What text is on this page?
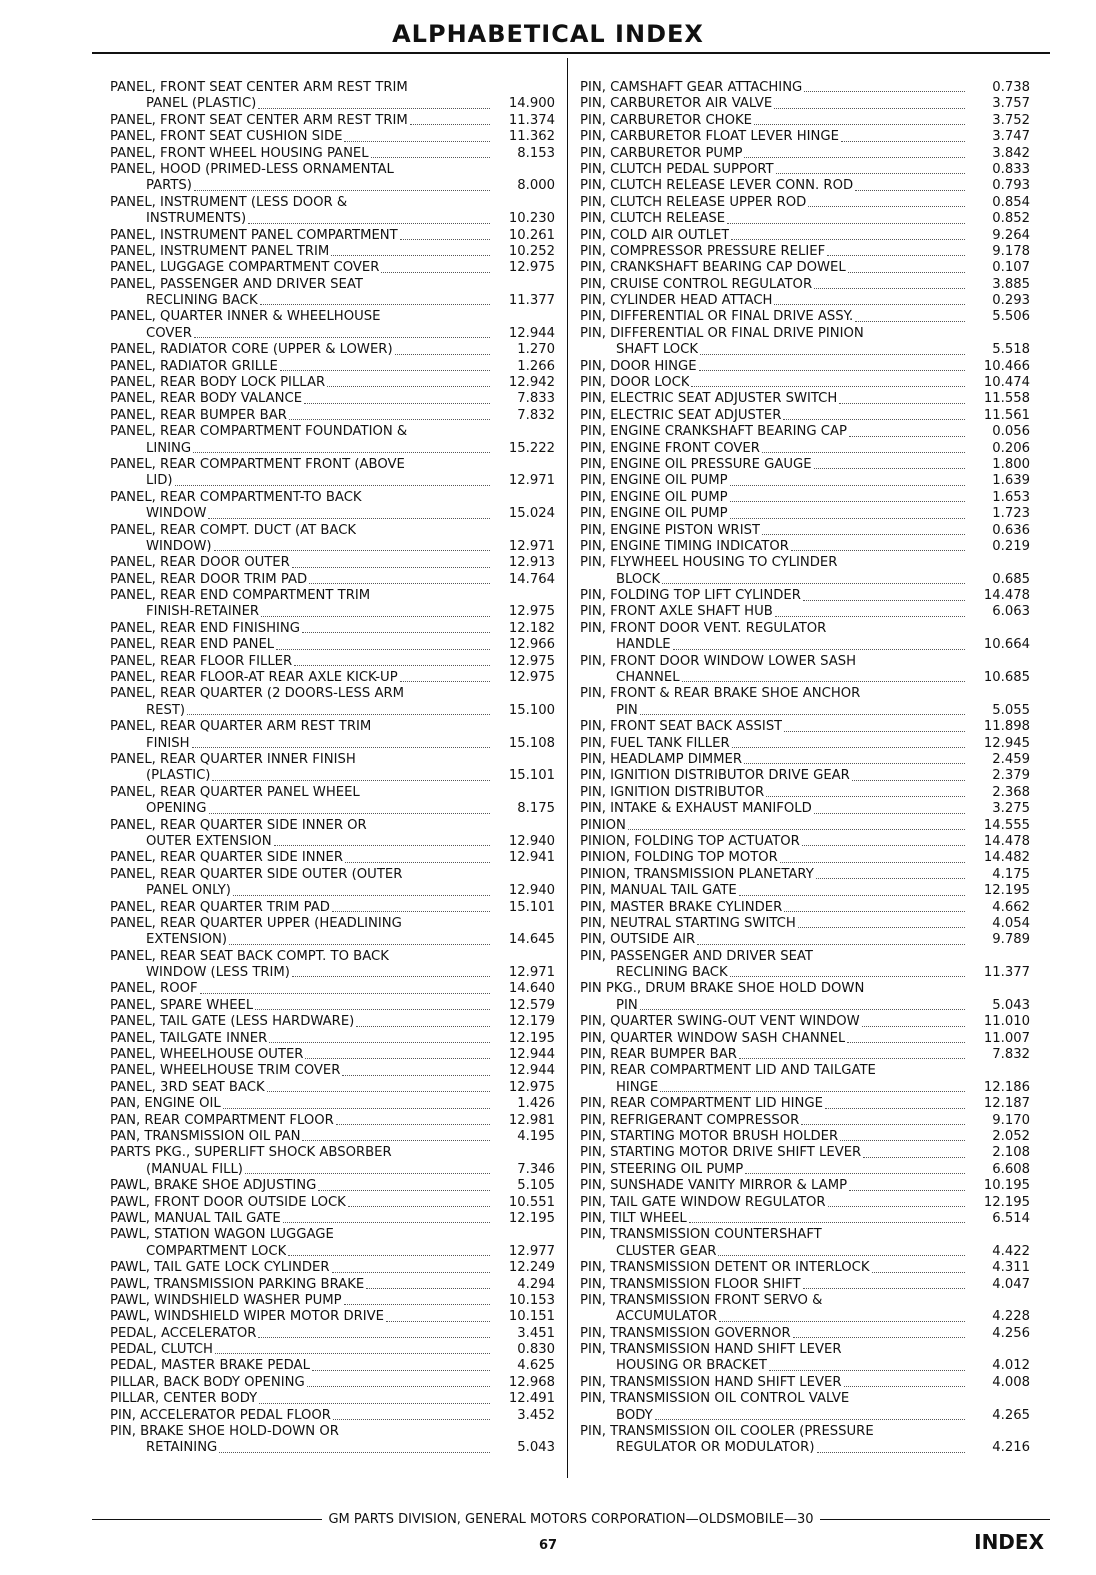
ALPHABETICAL INDEX
PANEL, FRONT SEAT CENTER ARM REST TRIM
PANEL (PLASTIC)	14.900
PANEL, FRONT SEAT CENTER ARM REST TRIM	11.374
PANEL, FRONT SEAT CUSHION SIDE	11.362
PANEL, FRONT WHEEL HOUSING PANEL	8.153
PANEL, HOOD (PRIMED-LESS ORNAMENTAL
PARTS)	8.000
PANEL, INSTRUMENT (LESS DOOR &
INSTRUMENTS)	10.230
PANEL, INSTRUMENT PANEL COMPARTMENT	10.261
PANEL, INSTRUMENT PANEL TRIM	10.252
PANEL, LUGGAGE COMPARTMENT COVER	12.975
PANEL, PASSENGER AND DRIVER SEAT
RECLINING BACK	11.377
PANEL, QUARTER INNER & WHEELHOUSE
COVER	12.944
PANEL, RADIATOR CORE (UPPER & LOWER)	1.270
PANEL, RADIATOR GRILLE	1.266
PANEL, REAR BODY LOCK PILLAR	12.942
PANEL, REAR BODY VALANCE	7.833
PANEL, REAR BUMPER BAR	7.832
PANEL, REAR COMPARTMENT FOUNDATION &
LINING	15.222
PANEL, REAR COMPARTMENT FRONT (ABOVE
LID)	12.971
PANEL, REAR COMPARTMENT-TO BACK
WINDOW	15.024
PANEL, REAR COMPT. DUCT (AT BACK
WINDOW)	12.971
PANEL, REAR DOOR OUTER	12.913
PANEL, REAR DOOR TRIM PAD	14.764
PANEL, REAR END COMPARTMENT TRIM
FINISH-RETAINER	12.975
PANEL, REAR END FINISHING	12.182
PANEL, REAR END PANEL	12.966
PANEL, REAR FLOOR FILLER	12.975
PANEL, REAR FLOOR-AT REAR AXLE KICK-UP	12.975
PANEL, REAR QUARTER (2 DOORS-LESS ARM
REST)	15.100
PANEL, REAR QUARTER ARM REST TRIM
FINISH	15.108
PANEL, REAR QUARTER INNER FINISH
(PLASTIC)	15.101
PANEL, REAR QUARTER PANEL WHEEL
OPENING	8.175
PANEL, REAR QUARTER SIDE INNER OR
OUTER EXTENSION	12.940
PANEL, REAR QUARTER SIDE INNER	12.941
PANEL, REAR QUARTER SIDE OUTER (OUTER
PANEL ONLY)	12.940
PANEL, REAR QUARTER TRIM PAD	15.101
PANEL, REAR QUARTER UPPER (HEADLINING
EXTENSION)	14.645
PANEL, REAR SEAT BACK COMPT. TO BACK
WINDOW (LESS TRIM)	12.971
PANEL, ROOF	14.640
PANEL, SPARE WHEEL	12.579
PANEL, TAIL GATE (LESS HARDWARE)	12.179
PANEL, TAILGATE INNER	12.195
PANEL, WHEELHOUSE OUTER	12.944
PANEL, WHEELHOUSE TRIM COVER	12.944
PANEL, 3RD SEAT BACK	12.975
PAN, ENGINE OIL	1.426
PAN, REAR COMPARTMENT FLOOR	12.981
PAN, TRANSMISSION OIL PAN	4.195
PARTS PKG., SUPERLIFT SHOCK ABSORBER
(MANUAL FILL)	7.346
PAWL, BRAKE SHOE ADJUSTING	5.105
PAWL, FRONT DOOR OUTSIDE LOCK	10.551
PAWL, MANUAL TAIL GATE	12.195
PAWL, STATION WAGON LUGGAGE
COMPARTMENT LOCK	12.977
PAWL, TAIL GATE LOCK CYLINDER	12.249
PAWL, TRANSMISSION PARKING BRAKE	4.294
PAWL, WINDSHIELD WASHER PUMP	10.153
PAWL, WINDSHIELD WIPER MOTOR DRIVE	10.151
PEDAL, ACCELERATOR	3.451
PEDAL, CLUTCH	0.830
PEDAL, MASTER BRAKE PEDAL	4.625
PILLAR, BACK BODY OPENING	12.968
PILLAR, CENTER BODY	12.491
PIN, ACCELERATOR PEDAL FLOOR	3.452
PIN, BRAKE SHOE HOLD-DOWN OR
RETAINING	5.043
PIN, CAMSHAFT GEAR ATTACHING	0.738
PIN, CARBURETOR AIR VALVE	3.757
PIN, CARBURETOR CHOKE	3.752
PIN, CARBURETOR FLOAT LEVER HINGE	3.747
PIN, CARBURETOR PUMP	3.842
PIN, CLUTCH PEDAL SUPPORT	0.833
PIN, CLUTCH RELEASE LEVER CONN. ROD	0.793
PIN, CLUTCH RELEASE UPPER ROD	0.854
PIN, CLUTCH RELEASE	0.852
PIN, COLD AIR OUTLET	9.264
PIN, COMPRESSOR PRESSURE RELIEF	9.178
PIN, CRANKSHAFT BEARING CAP DOWEL	0.107
PIN, CRUISE CONTROL REGULATOR	3.885
PIN, CYLINDER HEAD ATTACH	0.293
PIN, DIFFERENTIAL OR FINAL DRIVE ASSY.	5.506
PIN, DIFFERENTIAL OR FINAL DRIVE PINION
SHAFT LOCK	5.518
PIN, DOOR HINGE	10.466
PIN, DOOR LOCK	10.474
PIN, ELECTRIC SEAT ADJUSTER SWITCH	11.558
PIN, ELECTRIC SEAT ADJUSTER	11.561
PIN, ENGINE CRANKSHAFT BEARING CAP	0.056
PIN, ENGINE FRONT COVER	0.206
PIN, ENGINE OIL PRESSURE GAUGE	1.800
PIN, ENGINE OIL PUMP	1.639
PIN, ENGINE OIL PUMP	1.653
PIN, ENGINE OIL PUMP	1.723
PIN, ENGINE PISTON WRIST	0.636
PIN, ENGINE TIMING INDICATOR	0.219
PIN, FLYWHEEL HOUSING TO CYLINDER
BLOCK	0.685
PIN, FOLDING TOP LIFT CYLINDER	14.478
PIN, FRONT AXLE SHAFT HUB	6.063
PIN, FRONT DOOR VENT. REGULATOR
HANDLE	10.664
PIN, FRONT DOOR WINDOW LOWER SASH
CHANNEL	10.685
PIN, FRONT & REAR BRAKE SHOE ANCHOR
PIN	5.055
PIN, FRONT SEAT BACK ASSIST	11.898
PIN, FUEL TANK FILLER	12.945
PIN, HEADLAMP DIMMER	2.459
PIN, IGNITION DISTRIBUTOR DRIVE GEAR	2.379
PIN, IGNITION DISTRIBUTOR	2.368
PIN, INTAKE & EXHAUST MANIFOLD	3.275
PINION	14.555
PINION, FOLDING TOP ACTUATOR	14.478
PINION, FOLDING TOP MOTOR	14.482
PINION, TRANSMISSION PLANETARY	4.175
PIN, MANUAL TAIL GATE	12.195
PIN, MASTER BRAKE CYLINDER	4.662
PIN, NEUTRAL STARTING SWITCH	4.054
PIN, OUTSIDE AIR	9.789
PIN, PASSENGER AND DRIVER SEAT
RECLINING BACK	11.377
PIN PKG., DRUM BRAKE SHOE HOLD DOWN
PIN	5.043
PIN, QUARTER SWING-OUT VENT WINDOW	11.010
PIN, QUARTER WINDOW SASH CHANNEL	11.007
PIN, REAR BUMPER BAR	7.832
PIN, REAR COMPARTMENT LID AND TAILGATE
HINGE	12.186
PIN, REAR COMPARTMENT LID HINGE	12.187
PIN, REFRIGERANT COMPRESSOR	9.170
PIN, STARTING MOTOR BRUSH HOLDER	2.052
PIN, STARTING MOTOR DRIVE SHIFT LEVER	2.108
PIN, STEERING OIL PUMP	6.608
PIN, SUNSHADE VANITY MIRROR & LAMP	10.195
PIN, TAIL GATE WINDOW REGULATOR	12.195
PIN, TILT WHEEL	6.514
PIN, TRANSMISSION COUNTERSHAFT
CLUSTER GEAR	4.422
PIN, TRANSMISSION DETENT OR INTERLOCK	4.311
PIN, TRANSMISSION FLOOR SHIFT	4.047
PIN, TRANSMISSION FRONT SERVO &
ACCUMULATOR	4.228
PIN, TRANSMISSION GOVERNOR	4.256
PIN, TRANSMISSION HAND SHIFT LEVER
HOUSING OR BRACKET	4.012
PIN, TRANSMISSION HAND SHIFT LEVER	4.008
PIN, TRANSMISSION OIL CONTROL VALVE
BODY	4.265
PIN, TRANSMISSION OIL COOLER (PRESSURE
REGULATOR OR MODULATOR)	4.216
GM PARTS DIVISION, GENERAL MOTORS CORPORATION—OLDSMOBILE—30
67	INDEX
